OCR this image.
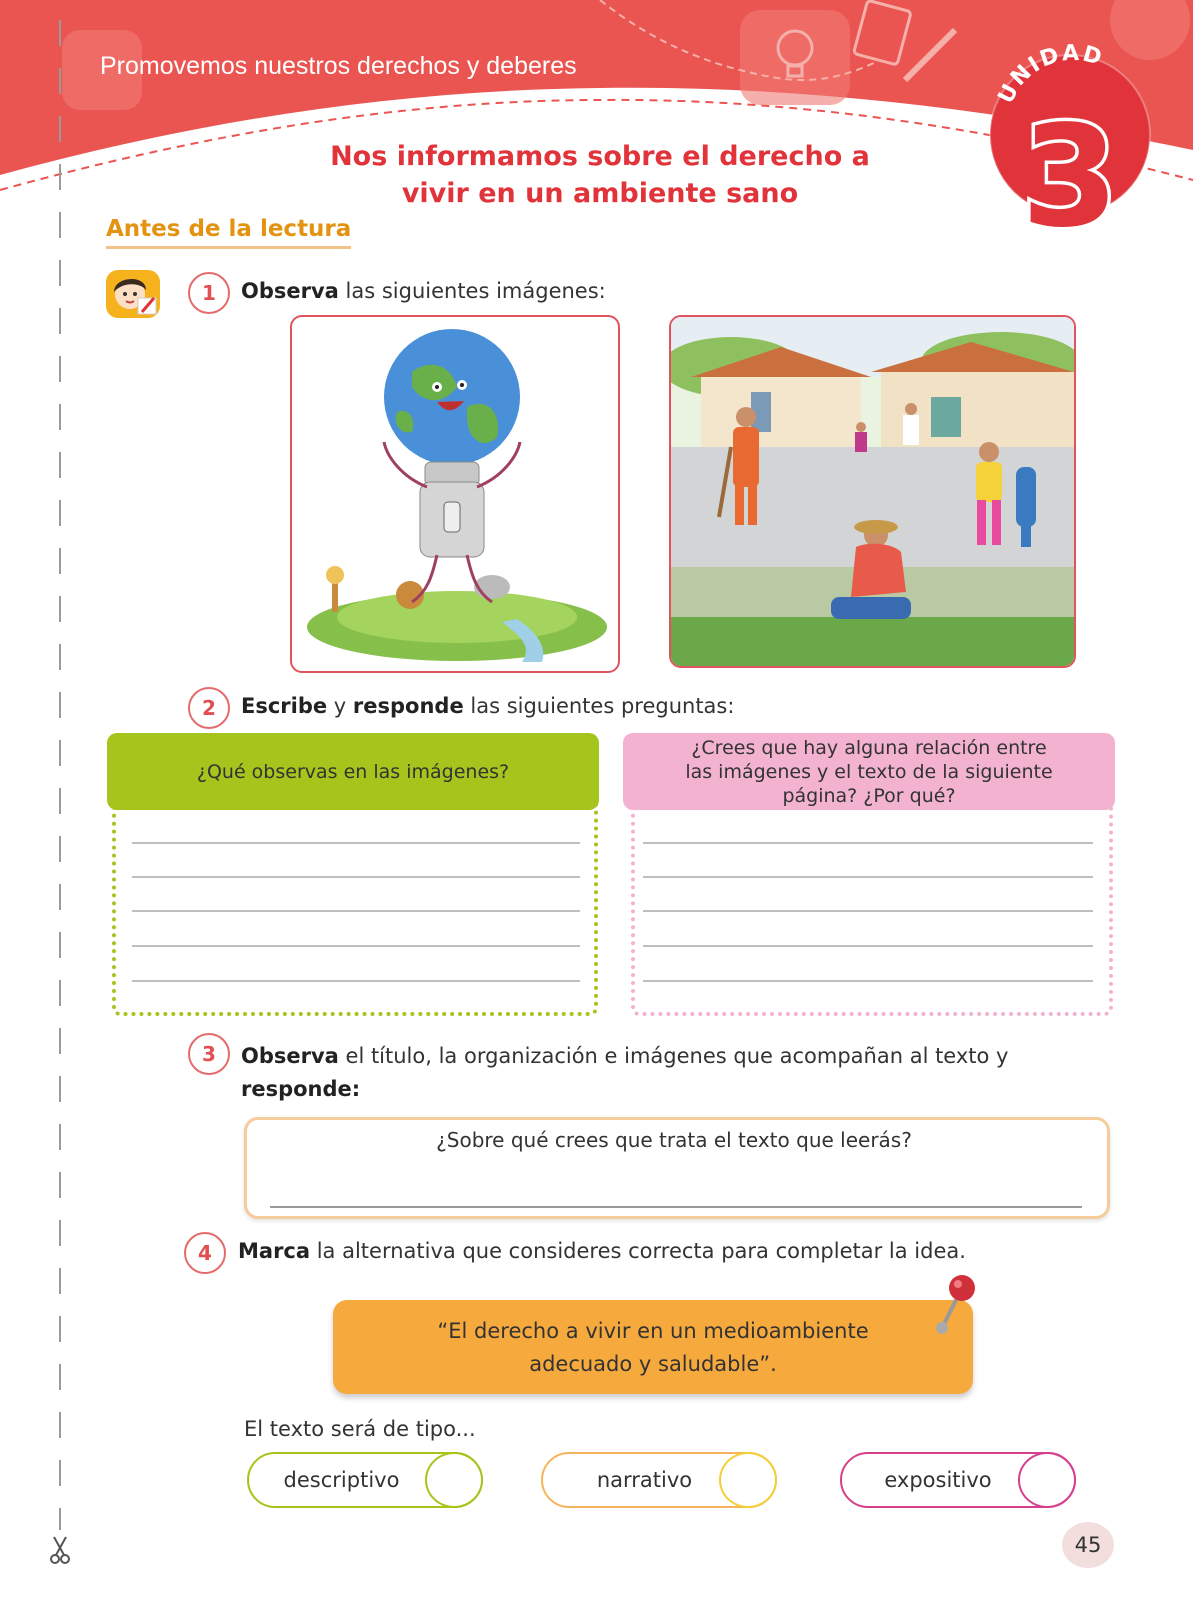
Promovemos nuestros derechos y deberes
UNIDAD
3
Nos informamos sobre el derecho a
vivir en un ambiente sano
Antes de la lectura
1	Observa las siguientes imágenes:
2	Escribe y responde las siguientes preguntas:
¿Qué observas en las imágenes?
¿Crees que hay alguna relación entre las imágenes y el texto de la siguiente página? ¿Por qué?
3	Observa el título, la organización e imágenes que acompañan al texto y
responde:
¿Sobre qué crees que trata el texto que leerás?
4	Marca la alternativa que consideres correcta para completar la idea.
“El derecho a vivir en un medioambiente
adecuado y saludable”.
El texto será de tipo...
descriptivo	narrativo	expositivo
45
